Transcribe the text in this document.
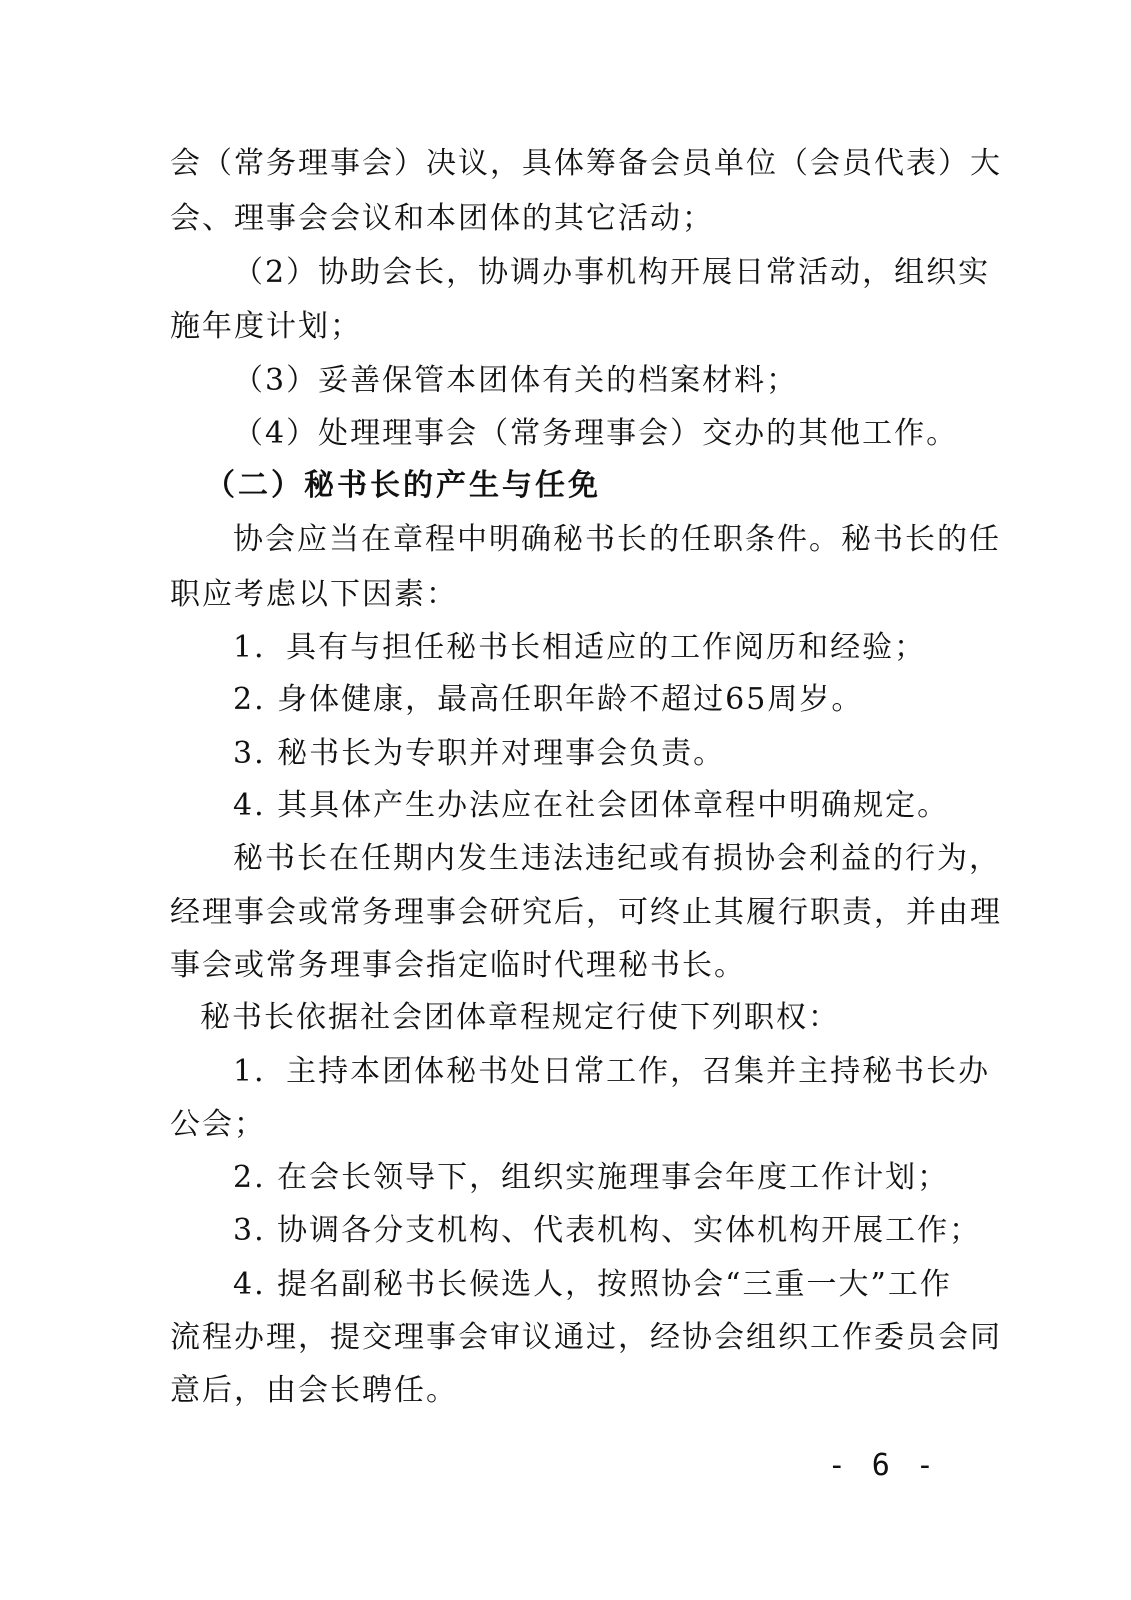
会（常务理事会）决议，具体筹备会员单位（会员代表）大
会、理事会会议和本团体的其它活动；
（2）协助会长，协调办事机构开展日常活动，组织实
施年度计划；
（3）妥善保管本团体有关的档案材料；
（4）处理理事会（常务理事会）交办的其他工作。
（二）秘书长的产生与任免
协会应当在章程中明确秘书长的任职条件。秘书长的任
职应考虑以下因素：
1．具有与担任秘书长相适应的工作阅历和经验；
2. 身体健康，最高任职年龄不超过65周岁。
3. 秘书长为专职并对理事会负责。
4. 其具体产生办法应在社会团体章程中明确规定。
秘书长在任期内发生违法违纪或有损协会利益的行为，
经理事会或常务理事会研究后，可终止其履行职责，并由理
事会或常务理事会指定临时代理秘书长。
秘书长依据社会团体章程规定行使下列职权：
1．主持本团体秘书处日常工作，召集并主持秘书长办
公会；
2. 在会长领导下，组织实施理事会年度工作计划；
3. 协调各分支机构、代表机构、实体机构开展工作；
4. 提名副秘书长候选人，按照协会“三重一大”工作
流程办理，提交理事会审议通过，经协会组织工作委员会同
意后，由会长聘任。
- 6 -
